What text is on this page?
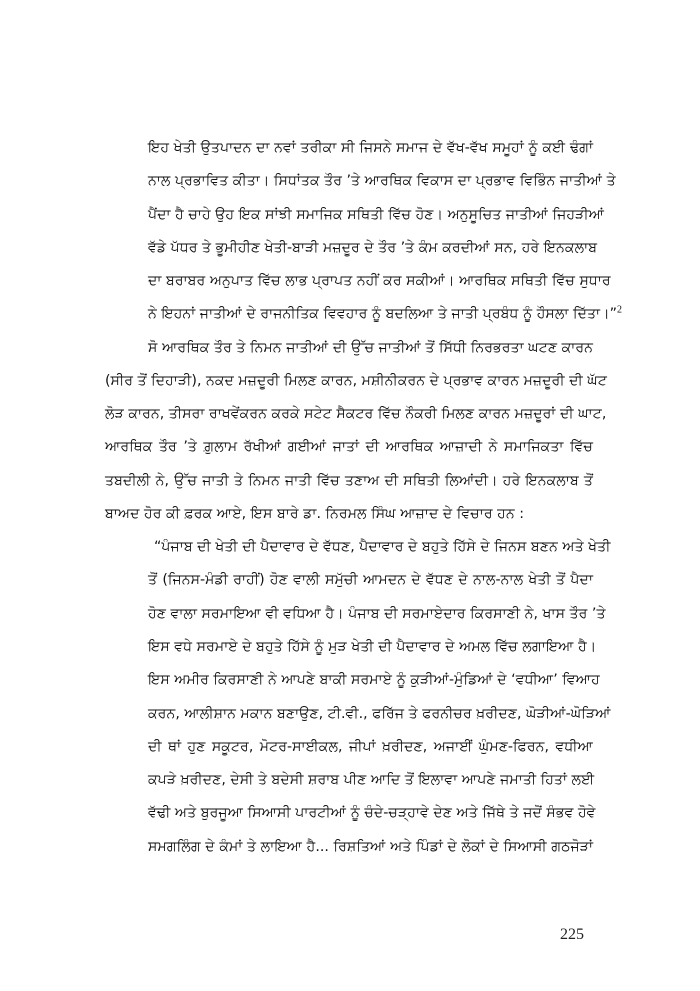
ਇਹ ਖੇਤੀ ਉਤਪਾਦਨ ਦਾ ਨਵਾਂ ਤਰੀਕਾ ਸੀ ਜਿਸਨੇ ਸਮਾਜ ਦੇ ਵੱਖ-ਵੱਖ ਸਮੂਹਾਂ ਨੂੰ ਕਈ ਢੰਗਾਂ
ਨਾਲ ਪ੍ਰਭਾਵਿਤ ਕੀਤਾ। ਸਿਧਾਂਤਕ ਤੌਰ ’ਤੇ ਆਰਥਿਕ ਵਿਕਾਸ ਦਾ ਪ੍ਰਭਾਵ ਵਿਭਿੰਨ ਜਾਤੀਆਂ ਤੇ
ਪੈਂਦਾ ਹੈ ਚਾਹੇ ਉਹ ਇਕ ਸਾਂਝੀ ਸਮਾਜਿਕ ਸਥਿਤੀ ਵਿੱਚ ਹੋਣ। ਅਨੁਸੂਚਿਤ ਜਾਤੀਆਂ ਜਿਹੜੀਆਂ
ਵੱਡੇ ਪੱਧਰ ਤੇ ਭੂਮੀਹੀਣ ਖੇਤੀ-ਬਾੜੀ ਮਜ਼ਦੂਰ ਦੇ ਤੌਰ ’ਤੇ ਕੰਮ ਕਰਦੀਆਂ ਸਨ, ਹਰੇ ਇਨਕਲਾਬ
ਦਾ ਬਰਾਬਰ ਅਨੁਪਾਤ ਵਿੱਚ ਲਾਭ ਪ੍ਰਾਪਤ ਨਹੀਂ ਕਰ ਸਕੀਆਂ। ਆਰਥਿਕ ਸਥਿਤੀ ਵਿੱਚ ਸੁਧਾਰ
ਨੇ ਇਹਨਾਂ ਜਾਤੀਆਂ ਦੇ ਰਾਜਨੀਤਿਕ ਵਿਵਹਾਰ ਨੂੰ ਬਦਲਿਆ ਤੇ ਜਾਤੀ ਪ੍ਰਬੰਧ ਨੂੰ ਹੌਸਲਾ ਦਿੱਤਾ।”$^2$
ਸੋ ਆਰਥਿਕ ਤੌਰ ਤੇ ਨਿਮਨ ਜਾਤੀਆਂ ਦੀ ਉੱਚ ਜਾਤੀਆਂ ਤੋਂ ਸਿੱਧੀ ਨਿਰਭਰਤਾ ਘਟਣ ਕਾਰਨ
(ਸੀਰ ਤੋਂ ਦਿਹਾੜੀ), ਨਕਦ ਮਜ਼ਦੂਰੀ ਮਿਲਣ ਕਾਰਨ, ਮਸ਼ੀਨੀਕਰਨ ਦੇ ਪ੍ਰਭਾਵ ਕਾਰਨ ਮਜ਼ਦੂਰੀ ਦੀ ਘੱਟ
ਲੋੜ ਕਾਰਨ, ਤੀਸਰਾ ਰਾਖਵੇਂਕਰਨ ਕਰਕੇ ਸਟੇਟ ਸੈਕਟਰ ਵਿੱਚ ਨੌਕਰੀ ਮਿਲਣ ਕਾਰਨ ਮਜ਼ਦੂਰਾਂ ਦੀ ਘਾਟ,
ਆਰਥਿਕ ਤੌਰ ’ਤੇ ਗ਼ੁਲਾਮ ਰੱਖੀਆਂ ਗਈਆਂ ਜਾਤਾਂ ਦੀ ਆਰਥਿਕ ਆਜ਼ਾਦੀ ਨੇ ਸਮਾਜਿਕਤਾ ਵਿੱਚ
ਤਬਦੀਲੀ ਨੇ, ਉੱਚ ਜਾਤੀ ਤੇ ਨਿਮਨ ਜਾਤੀ ਵਿੱਚ ਤਣਾਅ ਦੀ ਸਥਿਤੀ ਲਿਆਂਦੀ। ਹਰੇ ਇਨਕਲਾਬ ਤੋਂ
ਬਾਅਦ ਹੋਰ ਕੀ ਫ਼ਰਕ ਆਏ, ਇਸ ਬਾਰੇ ਡਾ. ਨਿਰਮਲ ਸਿੰਘ ਆਜ਼ਾਦ ਦੇ ਵਿਚਾਰ ਹਨ :
“ਪੰਜਾਬ ਦੀ ਖੇਤੀ ਦੀ ਪੈਦਾਵਾਰ ਦੇ ਵੱਧਣ, ਪੈਦਾਵਾਰ ਦੇ ਬਹੁਤੇ ਹਿੱਸੇ ਦੇ ਜਿਨਸ ਬਣਨ ਅਤੇ ਖੇਤੀ
ਤੋਂ (ਜਿਨਸ-ਮੰਡੀ ਰਾਹੀਂ) ਹੋਣ ਵਾਲੀ ਸਮੁੱਚੀ ਆਮਦਨ ਦੇ ਵੱਧਣ ਦੇ ਨਾਲ-ਨਾਲ ਖੇਤੀ ਤੋਂ ਪੈਦਾ
ਹੋਣ ਵਾਲਾ ਸਰਮਾਇਆ ਵੀ ਵਧਿਆ ਹੈ। ਪੰਜਾਬ ਦੀ ਸਰਮਾਏਦਾਰ ਕਿਰਸਾਣੀ ਨੇ, ਖਾਸ ਤੌਰ ’ਤੇ
ਇਸ ਵਧੇ ਸਰਮਾਏ ਦੇ ਬਹੁਤੇ ਹਿੱਸੇ ਨੂੰ ਮੁੜ ਖੇਤੀ ਦੀ ਪੈਦਾਵਾਰ ਦੇ ਅਮਲ ਵਿੱਚ ਲਗਾਇਆ ਹੈ।
ਇਸ ਅਮੀਰ ਕਿਰਸਾਣੀ ਨੇ ਆਪਣੇ ਬਾਕੀ ਸਰਮਾਏ ਨੂੰ ਕੁੜੀਆਂ-ਮੁੰਡਿਆਂ ਦੇ ‘ਵਧੀਆ’ ਵਿਆਹ
ਕਰਨ, ਆਲੀਸ਼ਾਨ ਮਕਾਨ ਬਣਾਉਣ, ਟੀ.ਵੀ., ਫਰਿੱਜ ਤੇ ਫਰਨੀਚਰ ਖ਼ਰੀਦਣ, ਘੋੜੀਆਂ-ਘੋੜਿਆਂ
ਦੀ ਥਾਂ ਹੁਣ ਸਕੂਟਰ, ਮੋਟਰ-ਸਾਈਕਲ, ਜੀਪਾਂ ਖ਼ਰੀਦਣ, ਅਜਾਈਂ ਘੁੰਮਣ-ਫਿਰਨ, ਵਧੀਆ
ਕਪੜੇ ਖ਼ਰੀਦਣ, ਦੇਸੀ ਤੇ ਬਦੇਸੀ ਸ਼ਰਾਬ ਪੀਣ ਆਦਿ ਤੋਂ ਇਲਾਵਾ ਆਪਣੇ ਜਮਾਤੀ ਹਿਤਾਂ ਲਈ
ਵੱਢੀ ਅਤੇ ਬੁਰਜੂਆ ਸਿਆਸੀ ਪਾਰਟੀਆਂ ਨੂੰ ਚੰਦੇ-ਚੜ੍ਹਾਵੇ ਦੇਣ ਅਤੇ ਜਿੱਥੇ ਤੇ ਜਦੋਂ ਸੰਭਵ ਹੋਵੇ
ਸਮਗਲਿੰਗ ਦੇ ਕੰਮਾਂ ਤੇ ਲਾਇਆ ਹੈ... ਰਿਸ਼ਤਿਆਂ ਅਤੇ ਪਿੰਡਾਂ ਦੇ ਲੋਕਾਂ ਦੇ ਸਿਆਸੀ ਗਠਜੋੜਾਂ
225
